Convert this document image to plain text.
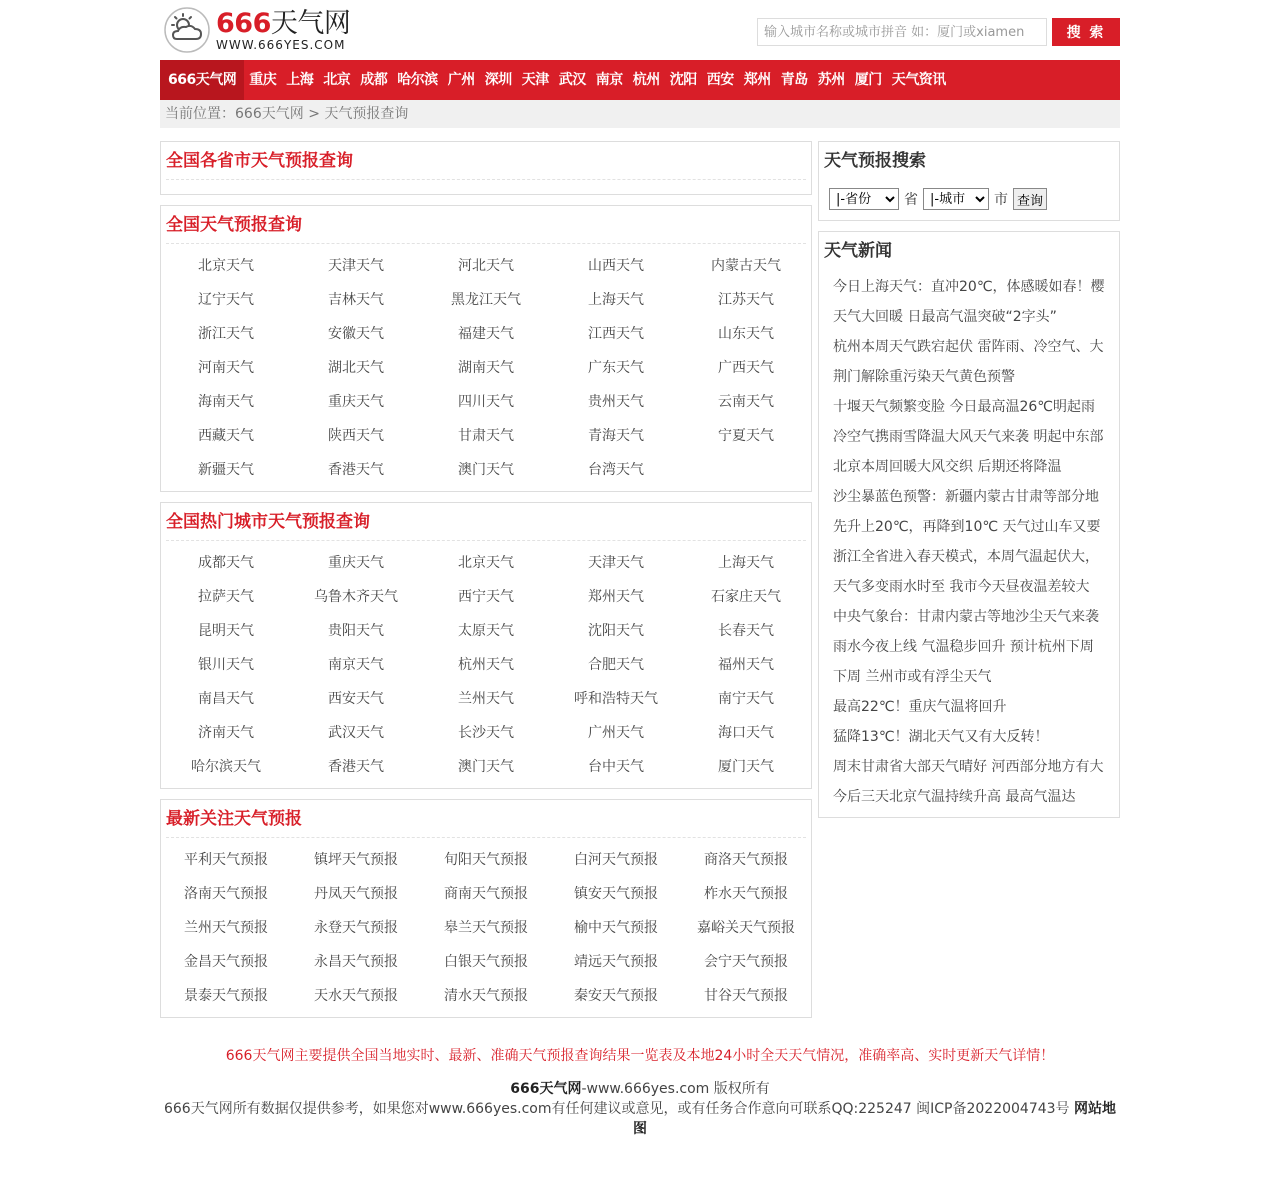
666天气网
WWW.666YES.COM
输入城市名称或城市拼音 如：厦门或xiamen
搜 索
666天气网 重庆 上海 北京 成都 哈尔滨 广州 深圳 天津 武汉 南京 杭州 沈阳 西安 郑州 青岛 苏州 厦门 天气资讯
当前位置：666天气网 > 天气预报查询
全国各省市天气预报查询
全国天气预报查询
北京天气	天津天气	河北天气	山西天气	内蒙古天气
辽宁天气	吉林天气	黑龙江天气	上海天气	江苏天气
浙江天气	安徽天气	福建天气	江西天气	山东天气
河南天气	湖北天气	湖南天气	广东天气	广西天气
海南天气	重庆天气	四川天气	贵州天气	云南天气
西藏天气	陕西天气	甘肃天气	青海天气	宁夏天气
新疆天气	香港天气	澳门天气	台湾天气
全国热门城市天气预报查询
成都天气	重庆天气	北京天气	天津天气	上海天气
拉萨天气	乌鲁木齐天气	西宁天气	郑州天气	石家庄天气
昆明天气	贵阳天气	太原天气	沈阳天气	长春天气
银川天气	南京天气	杭州天气	合肥天气	福州天气
南昌天气	西安天气	兰州天气	呼和浩特天气	南宁天气
济南天气	武汉天气	长沙天气	广州天气	海口天气
哈尔滨天气	香港天气	澳门天气	台中天气	厦门天气
最新关注天气预报
平利天气预报	镇坪天气预报	旬阳天气预报	白河天气预报	商洛天气预报
洛南天气预报	丹凤天气预报	商南天气预报	镇安天气预报	柞水天气预报
兰州天气预报	永登天气预报	皋兰天气预报	榆中天气预报	嘉峪关天气预报
金昌天气预报	永昌天气预报	白银天气预报	靖远天气预报	会宁天气预报
景泰天气预报	天水天气预报	清水天气预报	秦安天气预报	甘谷天气预报
天气预报搜索
|-省份
省
|-城市	市 查询
天气新闻
今日上海天气：直冲20℃，体感暖如春！樱
天气大回暖 日最高气温突破“2字头”
杭州本周天气跌宕起伏 雷阵雨、冷空气、大
荆门解除重污染天气黄色预警
十堰天气频繁变脸 今日最高温26℃明起雨
冷空气携雨雪降温大风天气来袭 明起中东部
北京本周回暖大风交织 后期还将降温
沙尘暴蓝色预警：新疆内蒙古甘肃等部分地
先升上20℃，再降到10℃ 天气过山车又要
浙江全省进入春天模式，本周气温起伏大，
天气多变雨水时至 我市今天昼夜温差较大
中央气象台：甘肃内蒙古等地沙尘天气来袭
雨水今夜上线 气温稳步回升 预计杭州下周
下周 兰州市或有浮尘天气
最高22℃！重庆气温将回升
猛降13℃！湖北天气又有大反转！
周末甘肃省大部天气晴好 河西部分地方有大
今后三天北京气温持续升高 最高气温达
666天气网主要提供全国当地实时、最新、准确天气预报查询结果一览表及本地24小时全天天气情况，准确率高、实时更新天气详情！
666天气网-www.666yes.com 版权所有
666天气网所有数据仅提供参考，如果您对www.666yes.com有任何建议或意见，或有任务合作意向可联系QQ:225247 闽ICP备2022004743号 网站地图
